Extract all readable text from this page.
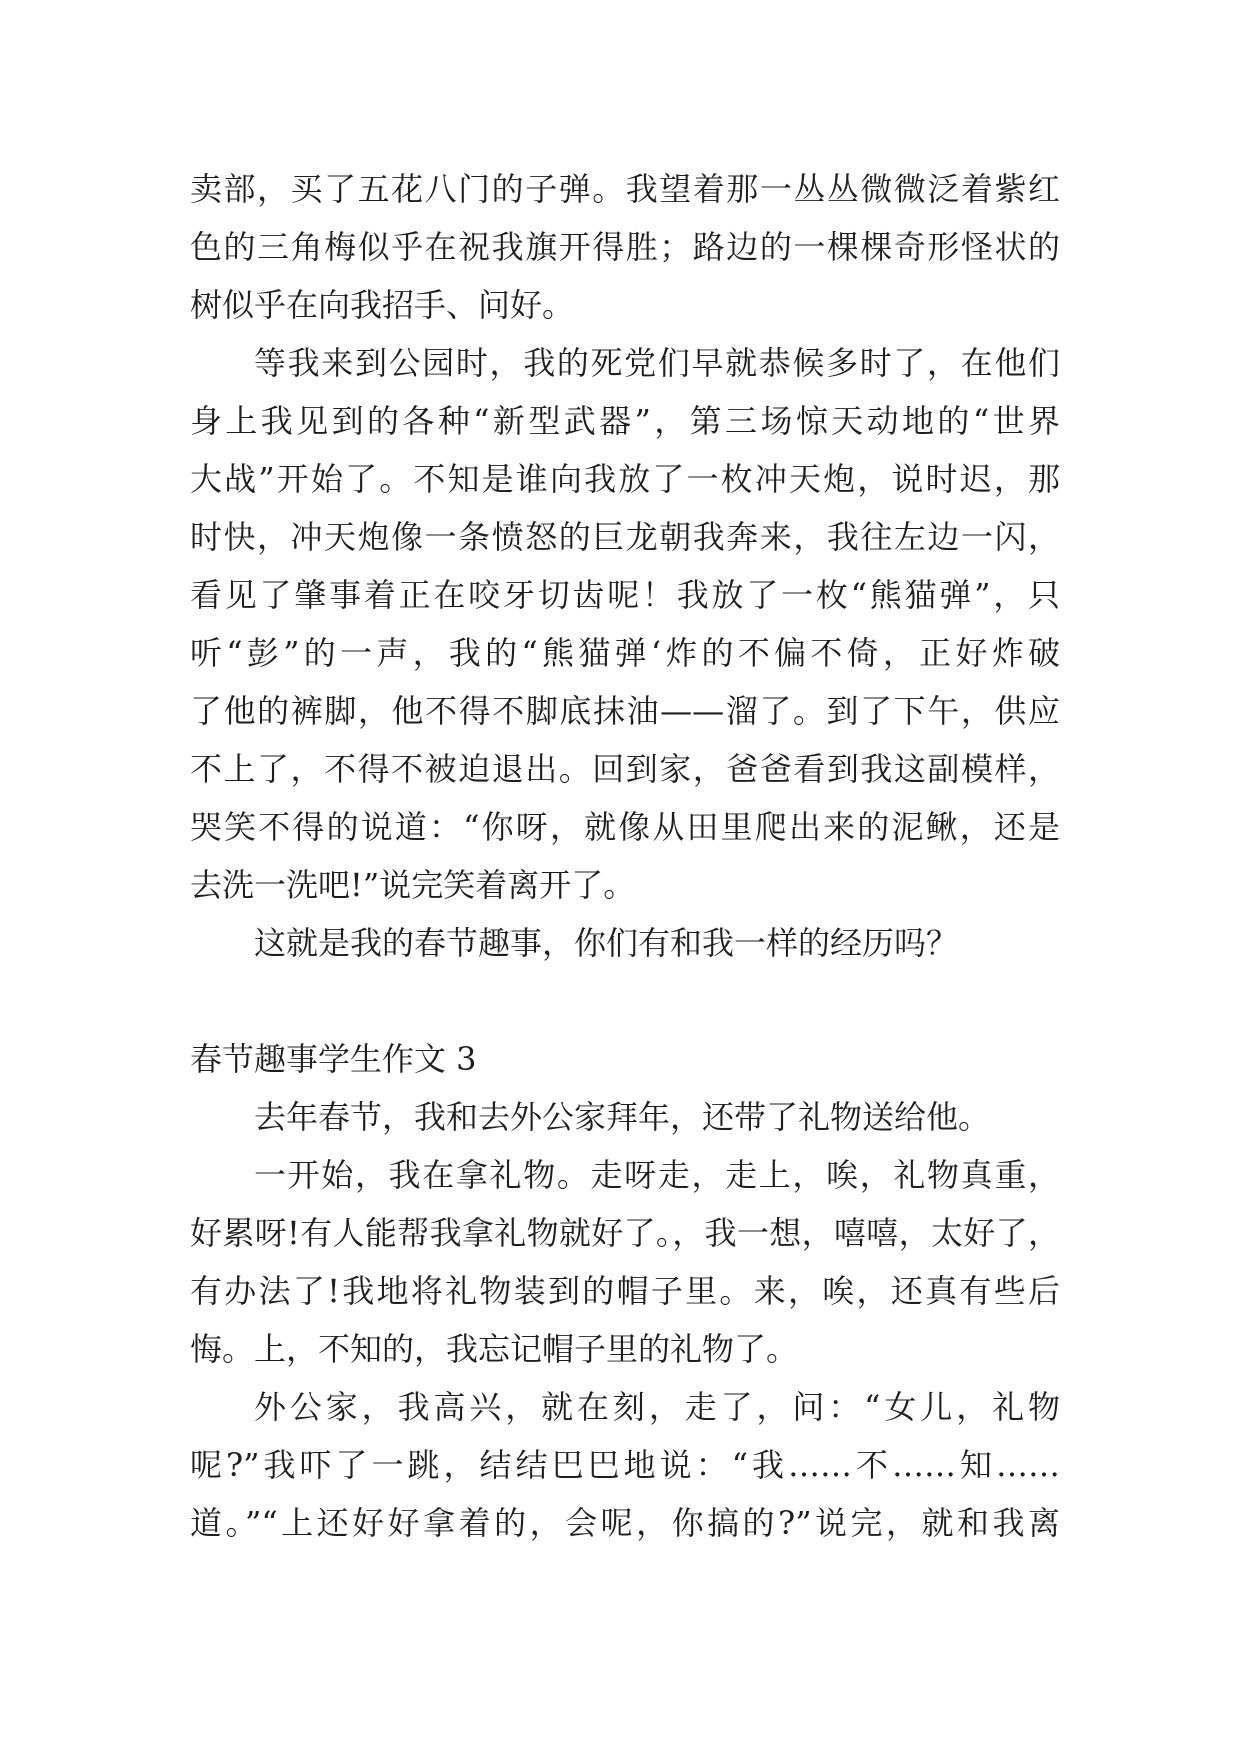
卖部，买了五花八门的子弹。我望着那一丛丛微微泛着紫红
色的三角梅似乎在祝我旗开得胜；路边的一棵棵奇形怪状的
树似乎在向我招手、问好。
等我来到公园时，我的死党们早就恭候多时了，在他们
身上我见到的各种“新型武器”，第三场惊天动地的“世界
大战”开始了。不知是谁向我放了一枚冲天炮，说时迟，那
时快，冲天炮像一条愤怒的巨龙朝我奔来，我往左边一闪，
看见了肇事着正在咬牙切齿呢！我放了一枚“熊猫弹”，只
听“彭”的一声，我的“熊猫弹‘炸的不偏不倚，正好炸破
了他的裤脚，他不得不脚底抹油——溜了。到了下午，供应
不上了，不得不被迫退出。回到家，爸爸看到我这副模样，
哭笑不得的说道：“你呀，就像从田里爬出来的泥鳅，还是
去洗一洗吧!”说完笑着离开了。
这就是我的春节趣事，你们有和我一样的经历吗？
春节趣事学生作文 3
去年春节，我和去外公家拜年，还带了礼物送给他。
一开始，我在拿礼物。走呀走，走上，唉，礼物真重，
好累呀!有人能帮我拿礼物就好了。，我一想，嘻嘻，太好了，
有办法了!我地将礼物装到的帽子里。来，唉，还真有些后
悔。上，不知的，我忘记帽子里的礼物了。
外公家，我高兴，就在刻，走了，问：“女儿，礼物
呢?”我吓了一跳，结结巴巴地说：“我……不……知……
道。”“上还好好拿着的，会呢，你搞的?”说完，就和我离
